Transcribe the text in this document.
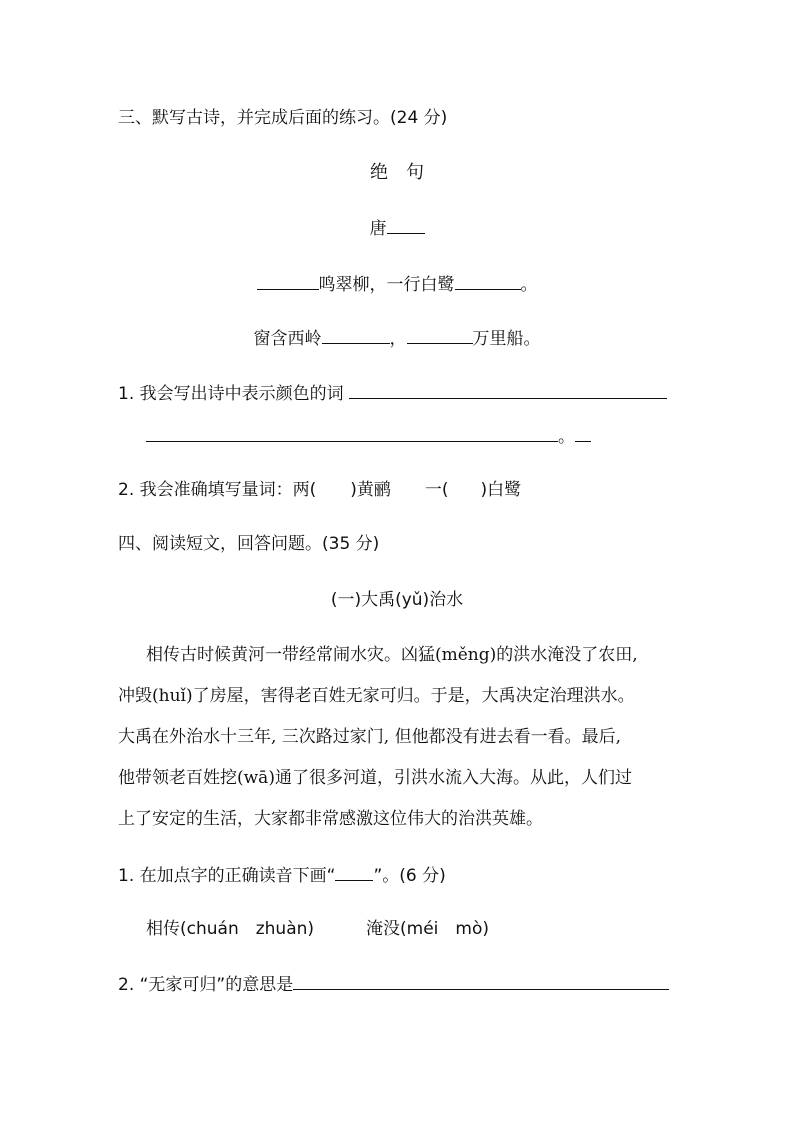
三、默写古诗，并完成后面的练习。(24 分)
绝　句
唐
鸣翠柳，一行白鹭	。
窗含西岭	，	万里船。
1. 我会写出诗中表示颜色的词
。
2. 我会准确填写量词：两( )黄鹂 一( )白鹭
四、阅读短文，回答问题。(35 分)
(一)大禹(yǔ)治水
相传古时候黄河一带经常闹水灾。凶猛(měng)的洪水淹没了农田,
冲毁(huǐ)了房屋，害得老百姓无家可归。于是，大禹决定治理洪水。
大禹在外治水十三年, 三次路过家门, 但他都没有进去看一看。最后,
他带领老百姓挖(wā)通了很多河道，引洪水流入大海。从此，人们过
上了安定的生活，大家都非常感激这位伟大的治洪英雄。
1. 在加点字的正确读音下画“ ”。(6 分)
相传(chuán　zhuàn)	淹没(méi　mò)
2. “无家可归”的意思是
